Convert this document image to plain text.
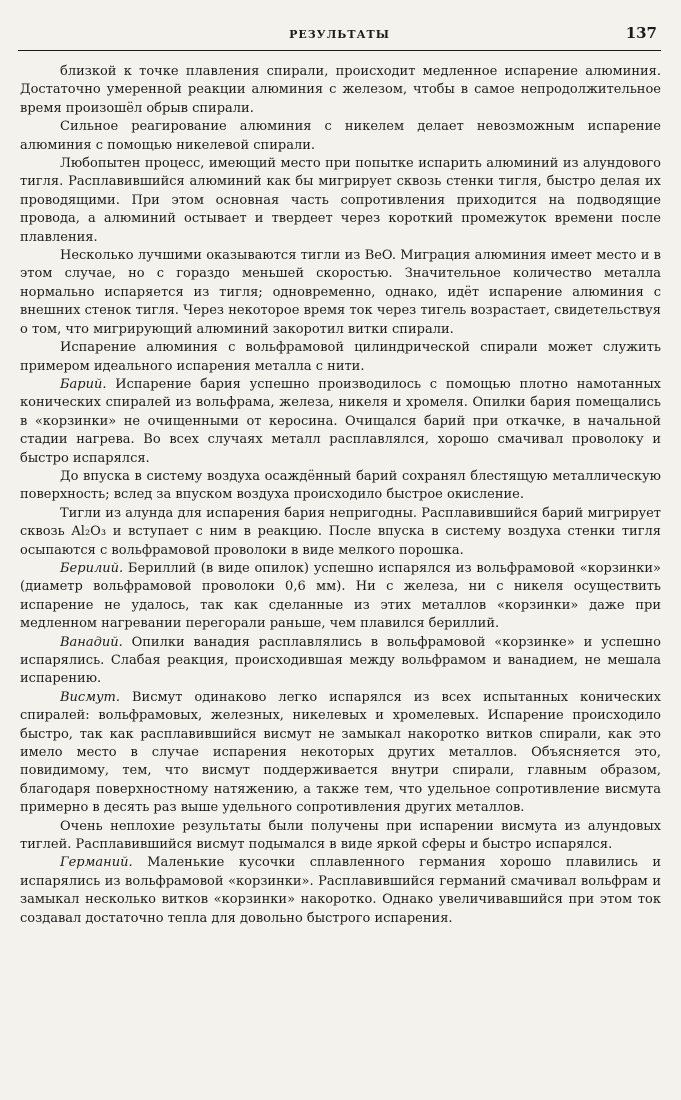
РЕЗУЛЬТАТЫ	137

близкой к точке плавления спирали, происходит медленное испарение алюминия. Достаточно умеренной реакции алюминия с железом, чтобы в самое непродолжительное время произошёл обрыв спирали.

Сильное реагирование алюминия с никелем делает невозможным испарение алюминия с помощью никелевой спирали.

Любопытен процесс, имеющий место при попытке испарить алюминий из алундового тигля. Расплавившийся алюминий как бы мигрирует сквозь стенки тигля, быстро делая их проводящими. При этом основная часть сопротивления приходится на подводящие провода, а алюминий остывает и твердеет через короткий промежуток времени после плавления.

Несколько лучшими оказываются тигли из BeO. Миграция алюминия имеет место и в этом случае, но с гораздо меньшей скоростью. Значительное количество металла нормально испаряется из тигля; одновременно, однако, идёт испарение алюминия с внешних стенок тигля. Через некоторое время ток через тигель возрастает, свидетельствуя о том, что мигрирующий алюминий закоротил витки спирали.

Испарение алюминия с вольфрамовой цилиндрической спирали может служить примером идеального испарения металла с нити.

Барий. Испарение бария успешно производилось с помощью плотно намотанных конических спиралей из вольфрама, железа, никеля и хромеля. Опилки бария помещались в «корзинки» не очищенными от керосина. Очищался барий при откачке, в начальной стадии нагрева. Во всех случаях металл расплавлялся, хорошо смачивал проволоку и быстро испарялся.

До впуска в систему воздуха осаждённый барий сохранял блестящую металлическую поверхность; вслед за впуском воздуха происходило быстрое окисление.

Тигли из алунда для испарения бария непригодны. Расплавившийся барий мигрирует сквозь Al₂O₃ и вступает с ним в реакцию. После впуска в систему воздуха стенки тигля осыпаются с вольфрамовой проволоки в виде мелкого порошка.

Берилий. Бериллий (в виде опилок) успешно испарялся из вольфрамовой «корзинки» (диаметр вольфрамовой проволоки 0,6 мм). Ни с железа, ни с никеля осуществить испарение не удалось, так как сделанные из этих металлов «корзинки» даже при медленном нагревании перегорали раньше, чем плавился бериллий.

Ванадий. Опилки ванадия расплавлялись в вольфрамовой «корзинке» и успешно испарялись. Слабая реакция, происходившая между вольфрамом и ванадием, не мешала испарению.

Висмут. Висмут одинаково легко испарялся из всех испытанных конических спиралей: вольфрамовых, железных, никелевых и хромелевых. Испарение происходило быстро, так как расплавившийся висмут не замыкал накоротко витков спирали, как это имело место в случае испарения некоторых других металлов. Объясняется это, повидимому, тем, что висмут поддерживается внутри спирали, главным образом, благодаря поверхностному натяжению, а также тем, что удельное сопротивление висмута примерно в десять раз выше удельного сопротивления других металлов.

Очень неплохие результаты были получены при испарении висмута из алундовых тиглей. Расплавившийся висмут подымался в виде яркой сферы и быстро испарялся.

Германий. Маленькие кусочки сплавленного германия хорошо плавились и испарялись из вольфрамовой «корзинки». Расплавившийся германий смачивал вольфрам и замыкал несколько витков «корзинки» накоротко. Однако увеличивавшийся при этом ток создавал достаточно тепла для довольно быстрого испарения.
